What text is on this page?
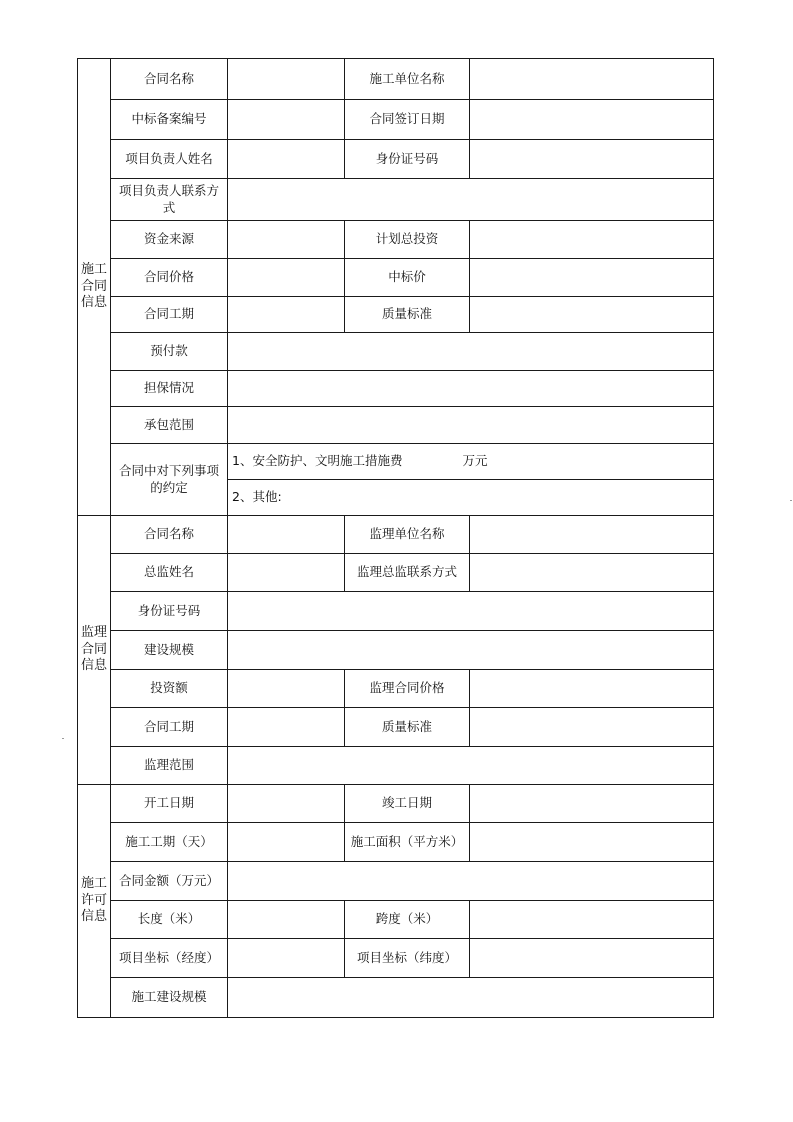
施工
合同
信息	合同名称		施工单位名称	
	中标备案编号		合同签订日期	
	项目负责人姓名		身份证号码	
	项目负责人联系方式			
	资金来源		计划总投资	
	合同价格		中标价	
	合同工期		质量标准	
	预付款			
	担保情况			
	承包范围			
	合同中对下列事项的约定	1、安全防护、文明施工措施费 万元		
		2、其他:		

监理
合同
信息	合同名称		监理单位名称	
	总监姓名		监理总监联系方式	
	身份证号码			
	建设规模			
	投资额		监理合同价格	
	合同工期		质量标准	
	监理范围			

施工
许可
信息	开工日期		竣工日期	
	施工工期（天）		施工面积（平方米）	
	合同金额（万元）			
	长度（米）		跨度（米）	
	项目坐标（经度）		项目坐标（纬度）	
	施工建设规模			
